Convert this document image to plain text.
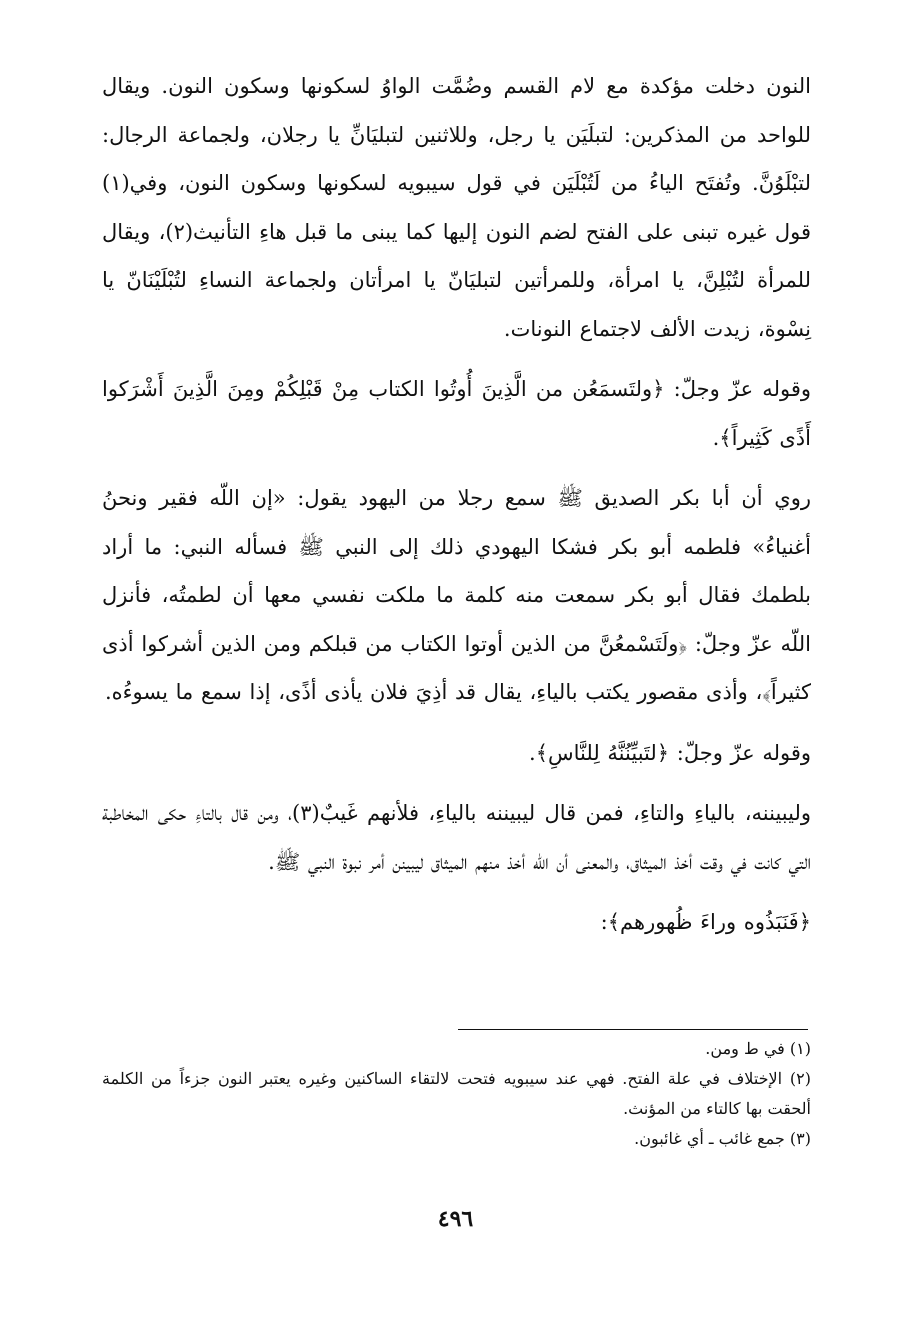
النون دخلت مؤكدة مع لام القسم وضُمَّت الواوُ لسكونها وسكون النون. ويقال للواحد من المذكرين: لتبلَيَن يا رجل، وللاثنين لتبليَانِّ يا رجلان، ولجماعة الرجال: لتبْلَوُنَّ. وتُفتَح الياءُ من لَتُبْلَيَن في قول سيبويه لسكونها وسكون النون، وفي(١) قول غيره تبنى على الفتح لضم النون إليها كما يبنى ما قبل هاءِ التأنيث(٢)، ويقال للمرأة لتُبْلِنَّ، يا امرأة، وللمرأتين لتبليَانّ يا امرأتان ولجماعة النساءِ لتُبْلَيْنَانّ يا نِسْوة، زيدت الألف لاجتماع النونات.

وقوله عزّ وجلّ: ﴿ولتَسمَعُن من الَّذِينَ أُوتُوا الكتاب مِنْ قَبْلِكُمْ ومِنَ الَّذِينَ أَشْرَكوا أَذًى كَثِيراً﴾.

روي أن أبا بكر الصديق ﷺ سمع رجلا من اليهود يقول: «إن اللّه فقير ونحنُ أغنياءُ» فلطمه أبو بكر فشكا اليهودي ذلك إلى النبي ﷺ فسأله النبي: ما أراد بلطمك فقال أبو بكر سمعت منه كلمة ما ملكت نفسي معها أن لطمتُه، فأنزل اللّه عزّ وجلّ: ﴿ولَتَسْمعُنَّ من الذين أوتوا الكتاب من قبلكم ومن الذين أشركوا أذى كثيراً﴾، وأذى مقصور يكتب بالياءِ، يقال قد أذِيَ فلان يأذى أذًى، إذا سمع ما يسوءُه.

وقوله عزّ وجلّ: ﴿لتَبيِّنُنَّهُ لِلنَّاسِ﴾.

وليبيننه، بالياءِ والتاءِ، فمن قال ليبيننه بالياءِ، فلأنهم غَيبٌ(٣)، ومن قال بالتاءِ حكى المخاطبة التي كانت في وقت أخذ الميثاق، والمعنى أن اللّه أخذ منهم الميثاق ليبينن أمر نبوة النبي ﷺ.

﴿فَنَبَذُوه وراءَ ظُهورهم﴾:

(١) في ط ومن.

(٢) الإختلاف في علة الفتح. فهي عند سيبويه فتحت لالتقاء الساكنين وغيره يعتبر النون جزءاً من الكلمة ألحقت بها كالتاء من المؤنث.

(٣) جمع غائب ـ أي غائبون.

٤٩٦
